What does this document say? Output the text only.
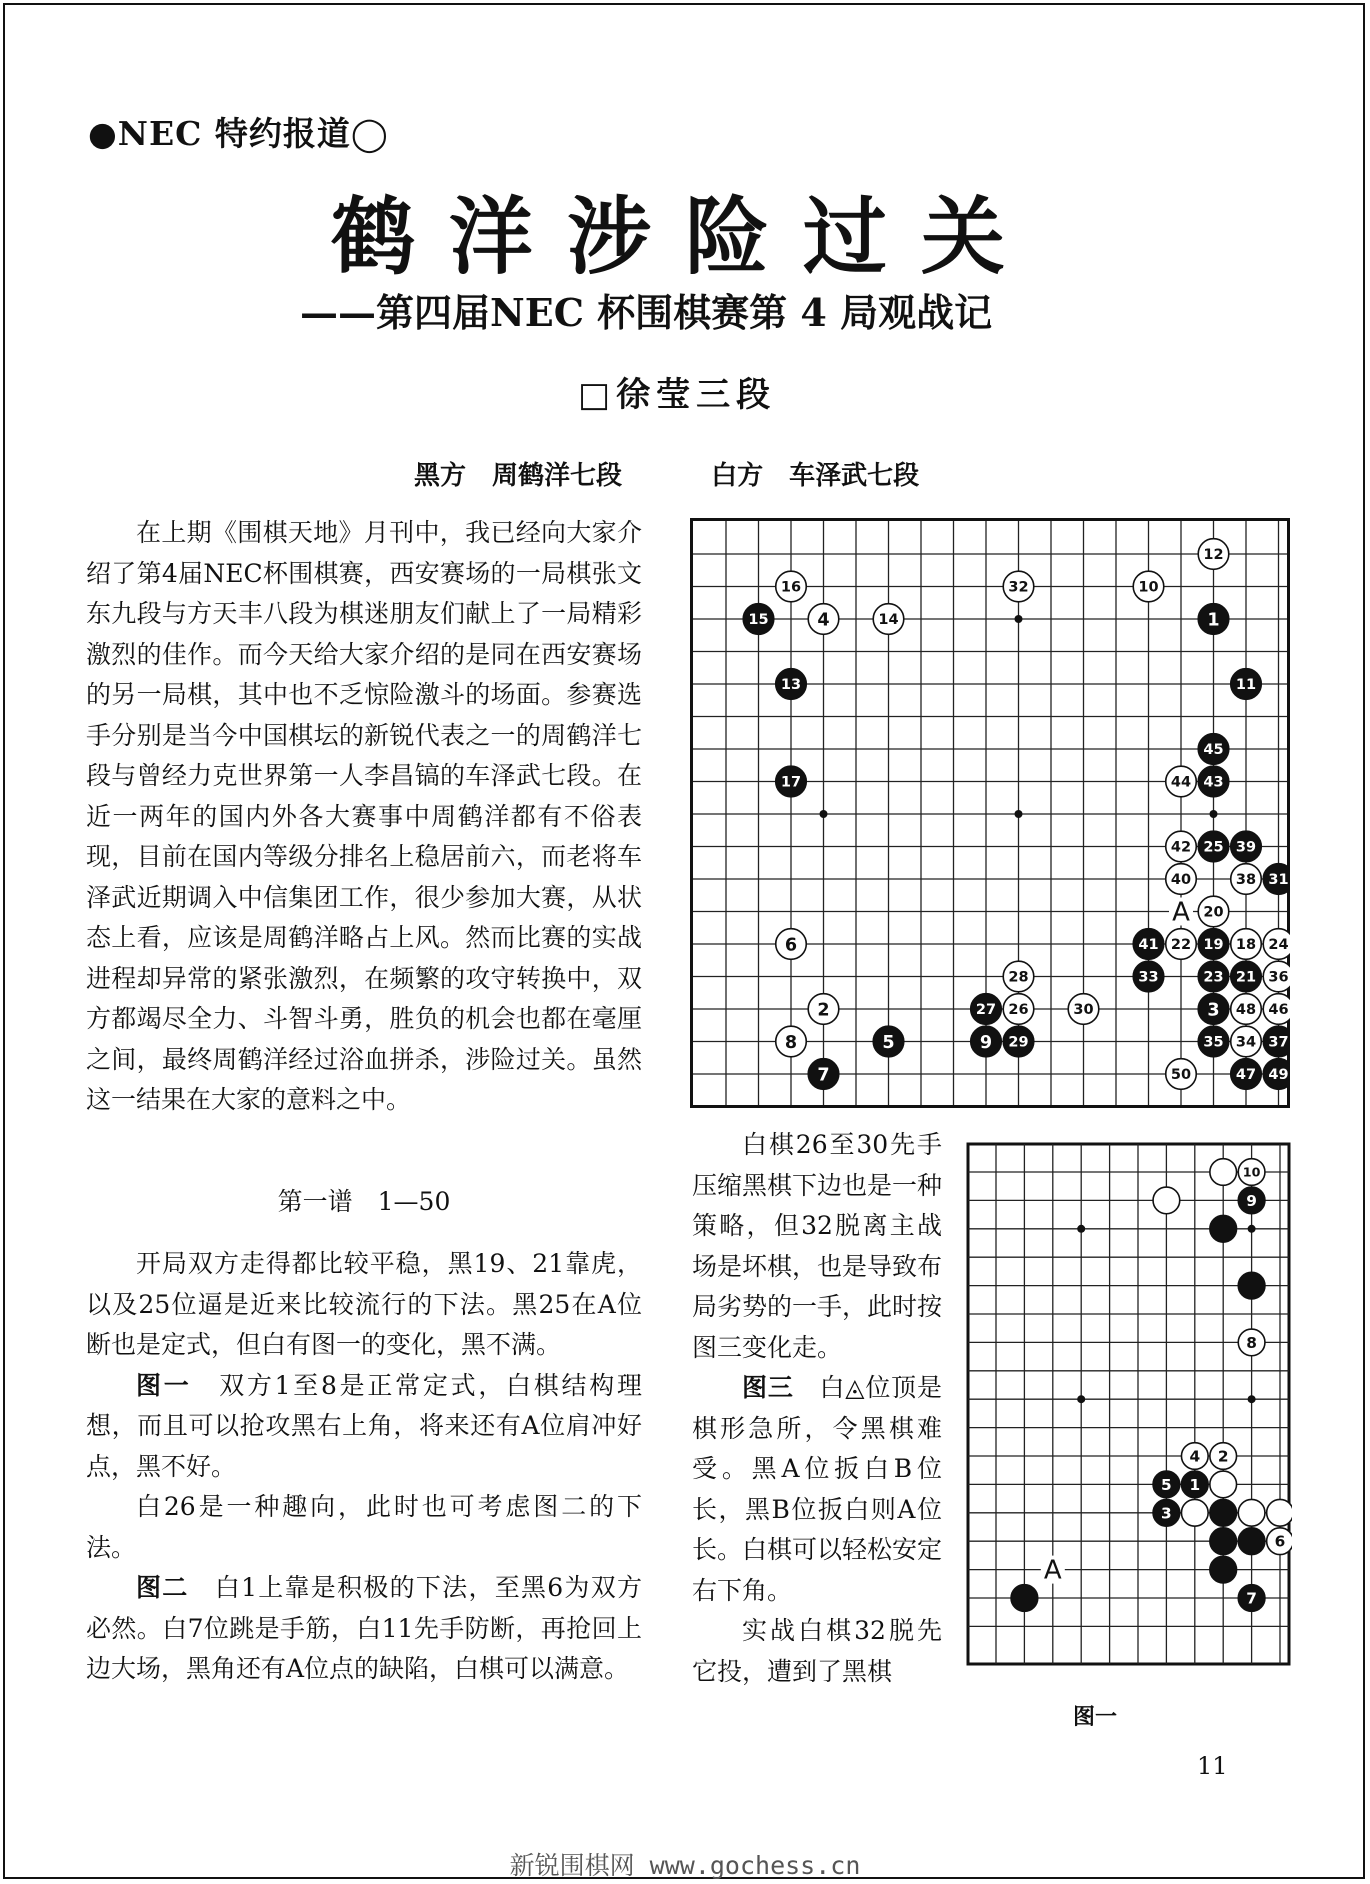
●NEC 特约报道◯
鹤洋涉险过关
——第四届NEC 杯围棋赛第 4 局观战记
□徐莹三段
黑方　周鹤洋七段	白方　车泽武七段

在上期《围棋天地》月刊中，我已经向大家介绍了第4届NEC杯围棋赛，西安赛场的一局棋张文东九段与方天丰八段为棋迷朋友们献上了一局精彩激烈的佳作。而今天给大家介绍的是同在西安赛场的另一局棋，其中也不乏惊险激斗的场面。参赛选手分别是当今中国棋坛的新锐代表之一的周鹤洋七段与曾经力克世界第一人李昌镐的车泽武七段。在近一两年的国内外各大赛事中周鹤洋都有不俗表现，目前在国内等级分排名上稳居前六，而老将车泽武近期调入中信集团工作，很少参加大赛，从状态上看，应该是周鹤洋略占上风。然而比赛的实战进程却异常的紧张激烈，在频繁的攻守转换中，双方都竭尽全力、斗智斗勇，胜负的机会也都在毫厘之间，最终周鹤洋经过浴血拼杀，涉险过关。虽然这一结果在大家的意料之中。

第一谱　1—50

开局双方走得都比较平稳，黑19、21靠虎，以及25位逼是近来比较流行的下法。黑25在A位断也是定式，但白有图一的变化，黑不满。

图一　双方1至8是正常定式，白棋结构理想，而且可以抢攻黑右上角，将来还有A位肩冲好点，黑不好。

白26是一种趣向，此时也可考虑图二的下法。

图二　白1上靠是积极的下法，至黑6为双方必然。白7位跳是手筋，白11先手防断，再抢回上边大场，黑角还有A位点的缺陷，白棋可以满意。

白棋26至30先手压缩黑棋下边也是一种策略，但32脱离主战场是坏棋，也是导致布局劣势的一手，此时按图三变化走。

图三　白◬位顶是棋形急所，令黑棋难受。黑A位扳白B位长，黑B位扳白则A位长。白棋可以轻松安定右下角。

实战白棋32脱先它投，遭到了黑棋

A
12
16	32	10
15	4	14	1
13	11
45
17	44 43
42 25 39
40	38 31
20
6	41 22 19 18 24
28	33	23 21 36
2	27 26	30	3 48 46
8	5	9 29	35 34 37
7	50	47 49
A
10
9
8
4 2
5 1
3
6
7
图一
11
新锐围棋网 www.gochess.cn
